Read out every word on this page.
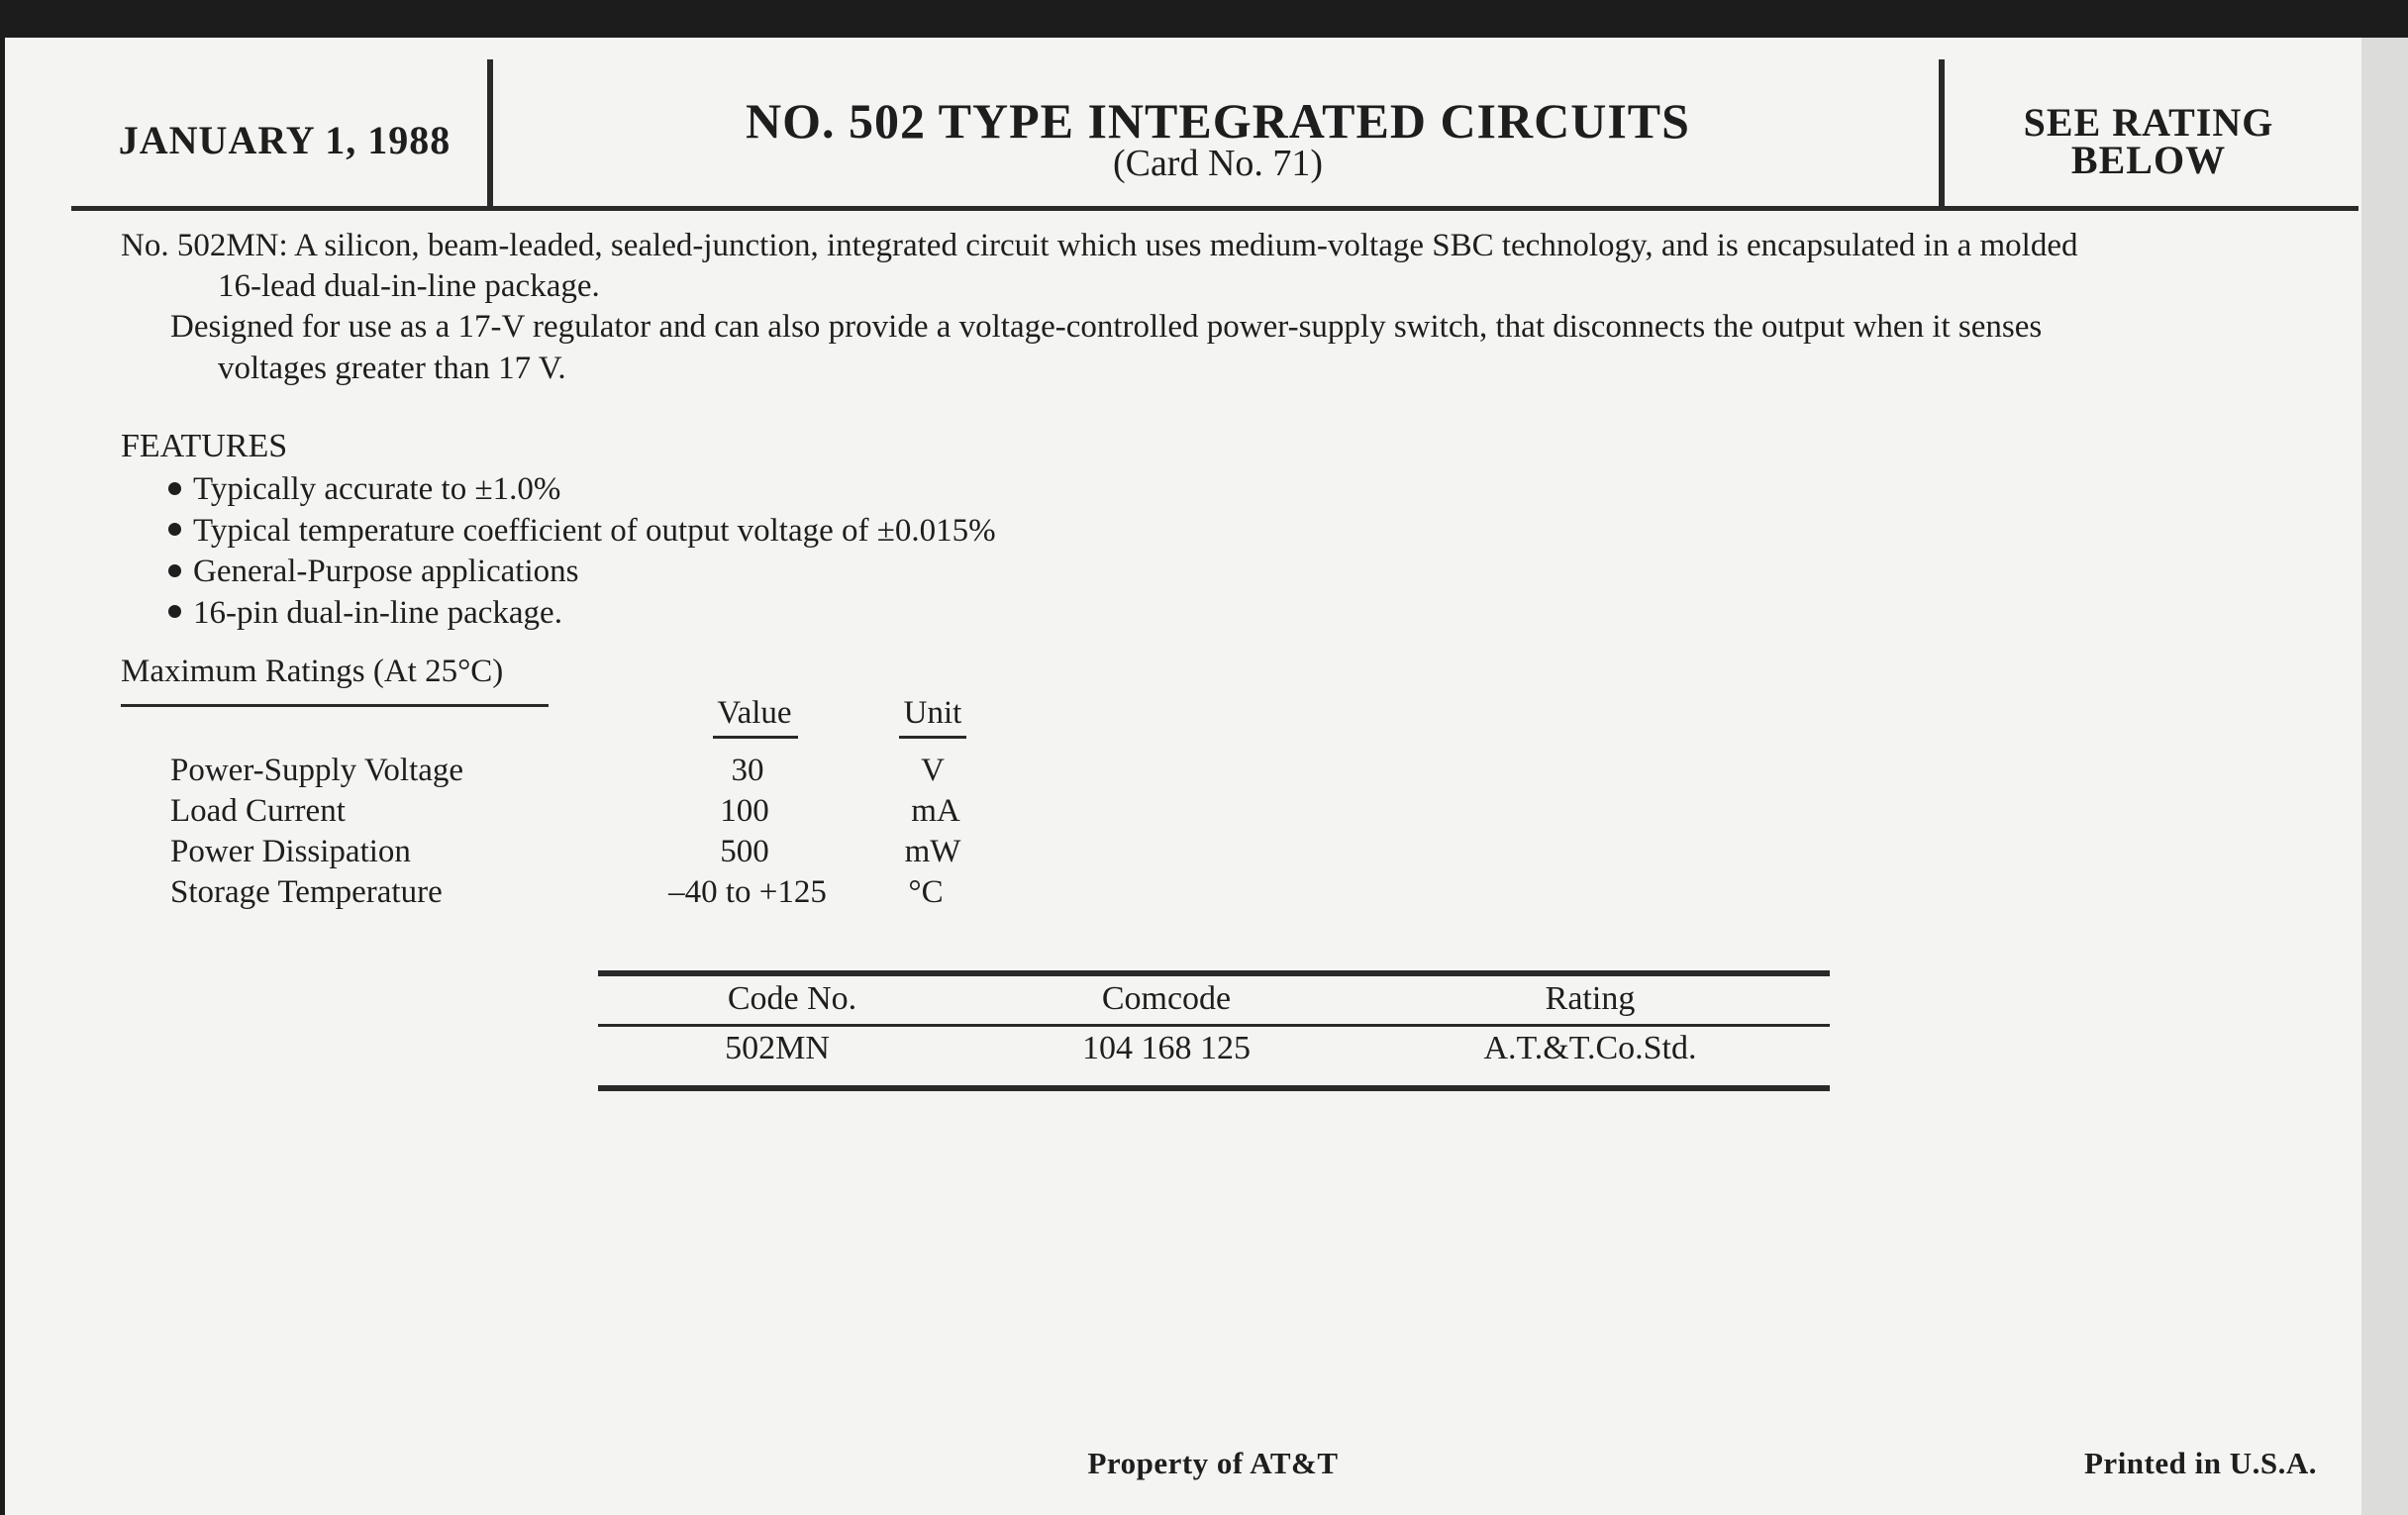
JANUARY 1, 1988	NO. 502 TYPE INTEGRATED CIRCUITS
(Card No. 71)
SEE RATING
BELOW
No. 502MN: A silicon, beam-leaded, sealed-junction, integrated circuit which uses medium-voltage SBC technology, and is encapsulated in a molded
16-lead dual-in-line package.
Designed for use as a 17-V regulator and can also provide a voltage-controlled power-supply switch, that disconnects the output when it senses
voltages greater than 17 V.
FEATURES
Typically accurate to ±1.0%
Typical temperature coefficient of output voltage of ±0.015%
General-Purpose applications
16-pin dual-in-line package.
Maximum Ratings (At 25°C)
Value	Unit
Power-Supply Voltage	30	V
Load Current	100	mA
Power Dissipation	500	mW
Storage Temperature	–40 to +125	°C
Code No.	Comcode	Rating
502MN	104 168 125	A.T.&T.Co.Std.
Property of AT&T	Printed in U.S.A.
